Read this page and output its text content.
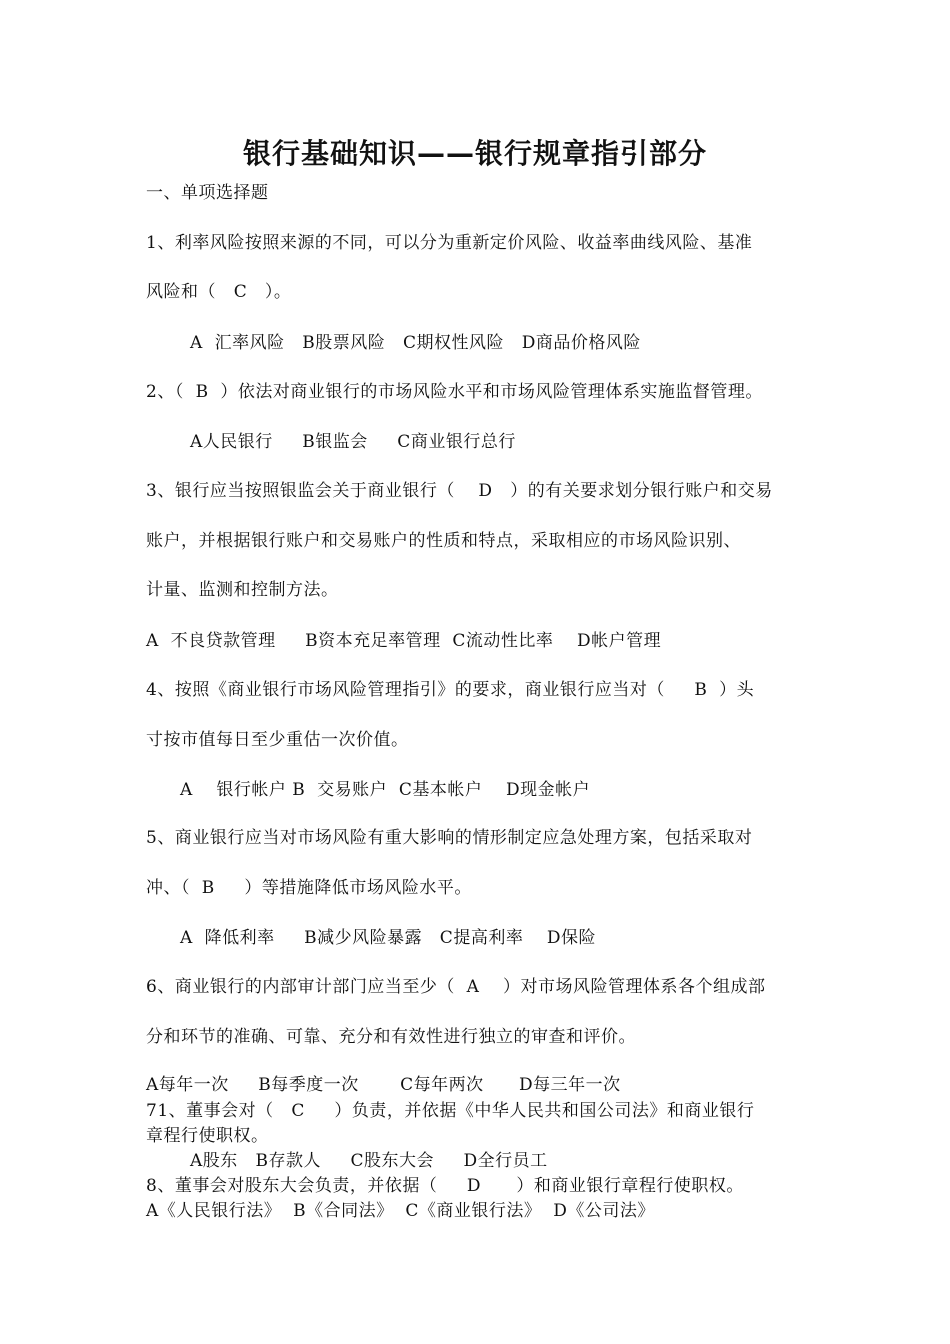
银行基础知识——银行规章指引部分
一、单项选择题
1、利率风险按照来源的不同，可以分为重新定价风险、收益率曲线风险、基准
风险和（   C   ）。
A  汇率风险   B股票风险   C期权性风险   D商品价格风险
2、（  B  ）依法对商业银行的市场风险水平和市场风险管理体系实施监督管理。
A人民银行     B银监会     C商业银行总行
3、银行应当按照银监会关于商业银行（    D   ）的有关要求划分银行账户和交易
账户，并根据银行账户和交易账户的性质和特点，采取相应的市场风险识别、
计量、监测和控制方法。
A  不良贷款管理     B资本充足率管理  C流动性比率    D帐户管理
4、按照《商业银行市场风险管理指引》的要求，商业银行应当对（     B  ）头
寸按市值每日至少重估一次价值。
A    银行帐户 B  交易账户  C基本帐户    D现金帐户
5、商业银行应当对市场风险有重大影响的情形制定应急处理方案，包括采取对
冲、（  B     ）等措施降低市场风险水平。
A  降低利率     B减少风险暴露   C提高利率    D保险
6、商业银行的内部审计部门应当至少（  A    ）对市场风险管理体系各个组成部
分和环节的准确、可靠、充分和有效性进行独立的审查和评价。
A每年一次     B每季度一次       C每年两次      D每三年一次
71、董事会对（   C     ）负责，并依据《中华人民共和国公司法》和商业银行
章程行使职权。
A股东   B存款人     C股东大会     D全行员工
8、董事会对股东大会负责，并依据（     D      ）和商业银行章程行使职权。
A《人民银行法》  B《合同法》  C《商业银行法》  D《公司法》
